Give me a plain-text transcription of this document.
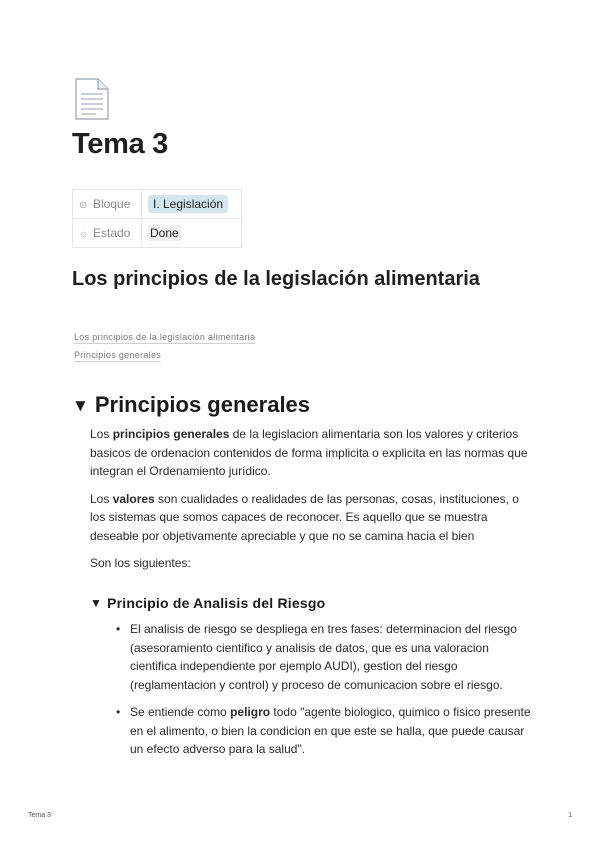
Tema 3
⊙ Bloque	I. Legislación
☼ Estado	Done
Los principios de la legislación alimentaria
Los principios de la legislación alimentaria
Principios generales
▼ Principios generales

Los principios generales de la legislacion alimentaria son los valores y criterios basicos de ordenacion contenidos de forma implicita o explicita en las normas que integran el Ordenamiento jurídico.

Los valores son cualidades o realidades de las personas, cosas, instituciones, o los sistemas que somos capaces de reconocer. Es aquello que se muestra deseable por objetivamente apreciable y que no se camina hacia el bien

Son los siguientes:

▼ Principio de Analisis del Riesgo
• El analisis de riesgo se despliega en tres fases: determinacion del riesgo (asesoramiento cientifico y analisis de datos, que es una valoracion cientifica independiente por ejemplo AUDI), gestion del riesgo (reglamentacion y control) y proceso de comunicacion sobre el riesgo.
• Se entiende como peligro todo "agente biologico, quimico o fisico presente en el alimento, o bien la condicion en que este se halla, que puede causar un efecto adverso para la salud".
Tema 3	1
